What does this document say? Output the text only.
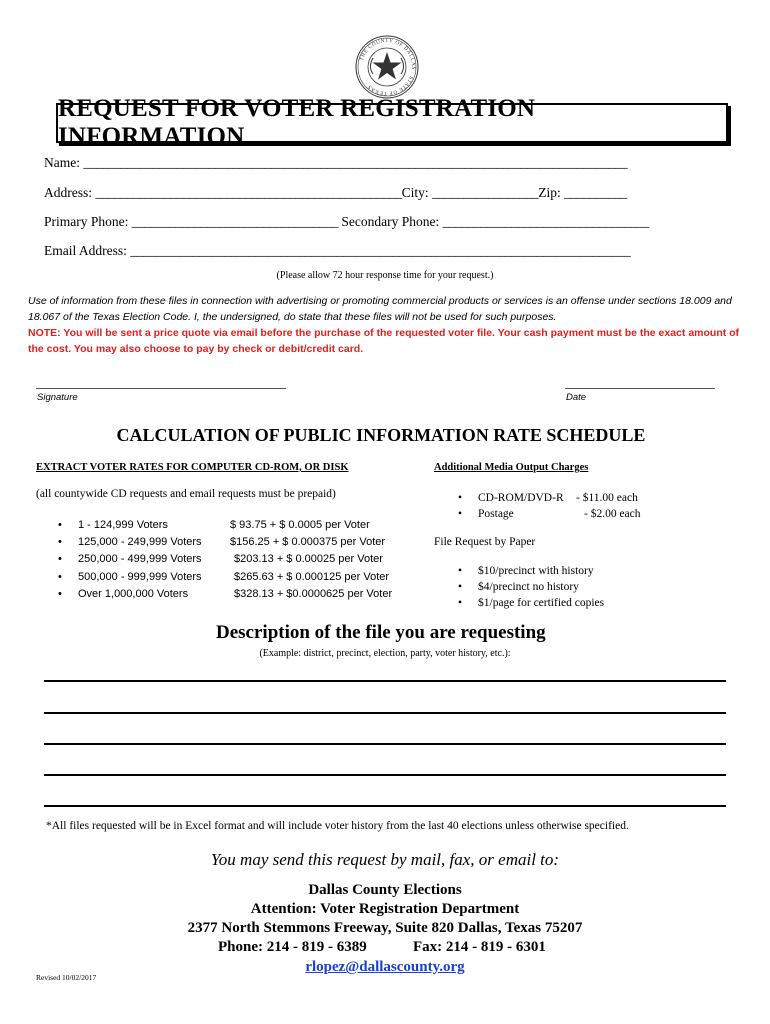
THE COUNTY OF DALLAS · STATE OF TEXAS ·
REQUEST FOR VOTER REGISTRATION INFORMATION
Name: _______________________________________________________________________________________
Address: _________________________________________________City: _________________Zip: __________
Primary Phone: _________________________________ Secondary Phone: _________________________________
Email Address: ________________________________________________________________________________
(Please allow 72 hour response time for your request.)
Use of information from these files in connection with advertising or promoting commercial products or services is an offense under sections 18.009 and 18.067 of the Texas Election Code. I, the undersigned, do state that these files will not be used for such purposes.
NOTE: You will be sent a price quote via email before the purchase of the requested voter file. Your cash payment must be the exact amount of the cost. You may also choose to pay by check or debit/credit card.
Signature	Date
CALCULATION OF PUBLIC INFORMATION RATE SCHEDULE
EXTRACT VOTER RATES FOR COMPUTER CD-ROM, OR DISK
(all countywide CD requests and email requests must be prepaid)
• 1 - 124,999 Voters	$ 93.75 + $ 0.0005 per Voter
• 125,000 - 249,999 Voters	$156.25 + $ 0.000375 per Voter
• 250,000 - 499,999 Voters	$203.13 + $ 0.00025 per Voter
• 500,000 - 999,999 Voters	$265.63 + $ 0.000125 per Voter
• Over 1,000,000 Voters	$328.13 + $0.0000625 per Voter
Additional Media Output Charges
• CD-ROM/DVD-R - $11.00 each
• Postage	- $2.00 each
File Request by Paper
• $10/precinct with history
• $4/precinct no history
• $1/page for certified copies
Description of the file you are requesting
(Example: district, precinct, election, party, voter history, etc.):
*All files requested will be in Excel format and will include voter history from the last 40 elections unless otherwise specified.
You may send this request by mail, fax, or email to:
Dallas County Elections
Attention: Voter Registration Department
2377 North Stemmons Freeway, Suite 820 Dallas, Texas 75207
Phone: 214 - 819 - 6389	Fax: 214 - 819 - 6301
rlopez@dallascounty.org
Revised 10/02/2017
